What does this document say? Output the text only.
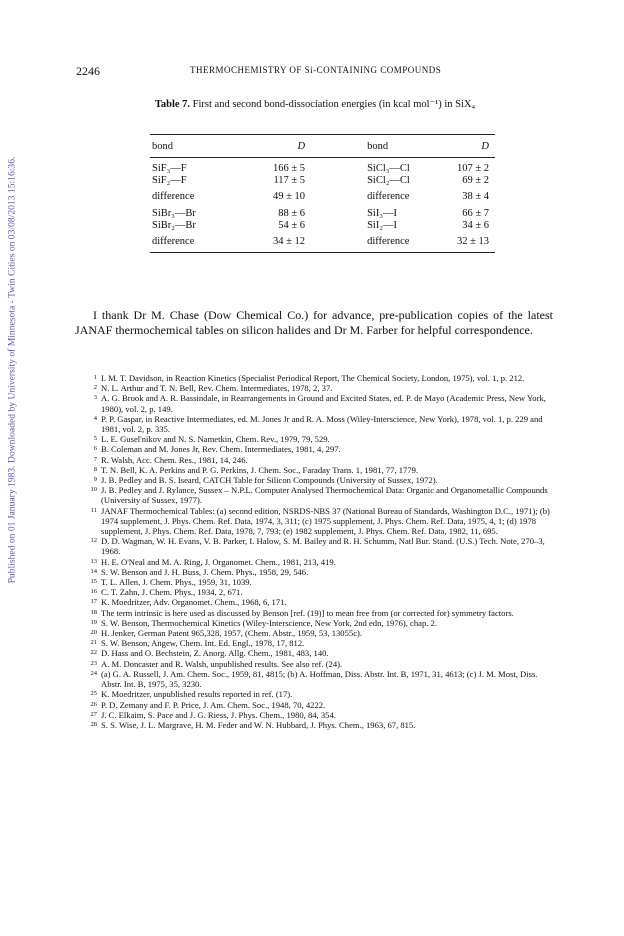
Published on 01 January 1983. Downloaded by University of Minnesota - Twin Cities on 03/08/2013 15:16:36.
2246	THERMOCHEMISTRY OF Si-CONTAINING COMPOUNDS
Table 7. First and second bond-dissociation energies (in kcal mol⁻¹) in SiX₄
bond	D	bond	D
SiF₃—F	166 ± 5	SiCl₃—Cl	107 ± 2
SiF₂—F	117 ± 5	SiCl₂—Cl	69 ± 2
difference	49 ± 10	difference	38 ± 4
SiBr₃—Br	88 ± 6	SiI₃—I	66 ± 7
SiBr₂—Br	54 ± 6	SiI₂—I	34 ± 6
difference	34 ± 12	difference	32 ± 13

I thank Dr M. Chase (Dow Chemical Co.) for advance, pre-publication copies of the latest JANAF thermochemical tables on silicon halides and Dr M. Farber for helpful correspondence.

1 I. M. T. Davidson, in Reaction Kinetics (Specialist Periodical Report, The Chemical Society, London, 1975), vol. 1, p. 212.
2 N. L. Arthur and T. N. Bell, Rev. Chem. Intermediates, 1978, 2, 37.
3 A. G. Brook and A. R. Bassindale, in Rearrangements in Ground and Excited States, ed. P. de Mayo (Academic Press, New York, 1980), vol. 2, p. 149.
4 P. P. Gaspar, in Reactive Intermediates, ed. M. Jones Jr and R. A. Moss (Wiley-Interscience, New York), 1978, vol. 1, p. 229 and 1981, vol. 2, p. 335.
5 L. E. Gusel'nikov and N. S. Nametkin, Chem. Rev., 1979, 79, 529.
6 B. Coleman and M. Jones Jr, Rev. Chem. Intermediates, 1981, 4, 297.
7 R. Walsh, Acc. Chem. Res., 1981, 14, 246.
8 T. N. Bell, K. A. Perkins and P. G. Perkins, J. Chem. Soc., Faraday Trans. 1, 1981, 77, 1779.
9 J. B. Pedley and B. S. Iseard, CATCH Table for Silicon Compounds (University of Sussex, 1972).
10 J. B. Pedley and J. Rylance, Sussex – N.P.L. Computer Analysed Thermochemical Data: Organic and Organometallic Compounds (University of Sussex, 1977).
11 JANAF Thermochemical Tables: (a) second edition, NSRDS-NBS 37 (National Bureau of Standards, Washington D.C., 1971); (b) 1974 supplement, J. Phys. Chem. Ref. Data, 1974, 3, 311; (c) 1975 supplement, J. Phys. Chem. Ref. Data, 1975, 4, 1; (d) 1978 supplement, J. Phys. Chem. Ref. Data, 1978, 7, 793; (e) 1982 supplement, J. Phys. Chem. Ref. Data, 1982, 11, 695.
12 D. D. Wagman, W. H. Evans, V. B. Parker, I. Halow, S. M. Bailey and R. H. Schumm, Natl Bur. Stand. (U.S.) Tech. Note, 270–3, 1968.
13 H. E. O'Neal and M. A. Ring, J. Organomet. Chem., 1981, 213, 419.
14 S. W. Benson and J. H. Buss, J. Chem. Phys., 1958, 29, 546.
15 T. L. Allen, J. Chem. Phys., 1959, 31, 1039.
16 C. T. Zahn, J. Chem. Phys., 1934, 2, 671.
17 K. Moedritzer, Adv. Organomet. Chem., 1968, 6, 171.
18 The term intrinsic is here used as discussed by Benson [ref. (19)] to mean free from (or corrected for) symmetry factors.
19 S. W. Benson, Thermochemical Kinetics (Wiley-Interscience, New York, 2nd edn, 1976), chap. 2.
20 H. Jenker, German Patent 965,328, 1957, (Chem. Abstr., 1959, 53, 13055c).
21 S. W. Benson, Angew, Chem. Int. Ed. Engl., 1978, 17, 812.
22 D. Hass and O. Bechstein, Z. Anorg. Allg. Chem., 1981, 483, 140.
23 A. M. Doncaster and R. Walsh, unpublished results. See also ref. (24).
24 (a) G. A. Russell, J. Am. Chem. Soc., 1959, 81, 4815; (b) A. Hoffman, Diss. Abstr. Int. B, 1971, 31, 4613; (c) J. M. Most, Diss. Abstr. Int. B, 1975, 35, 3230.
25 K. Moedritzer, unpublished results reported in ref. (17).
26 P. D. Zemany and F. P. Price, J. Am. Chem. Soc., 1948, 70, 4222.
27 J. C. Elkaim, S. Pace and J. G. Riess, J. Phys. Chem., 1980, 84, 354.
28 S. S. Wise, J. L. Margrave, H. M. Feder and W. N. Hubbard, J. Phys. Chem., 1963, 67, 815.
